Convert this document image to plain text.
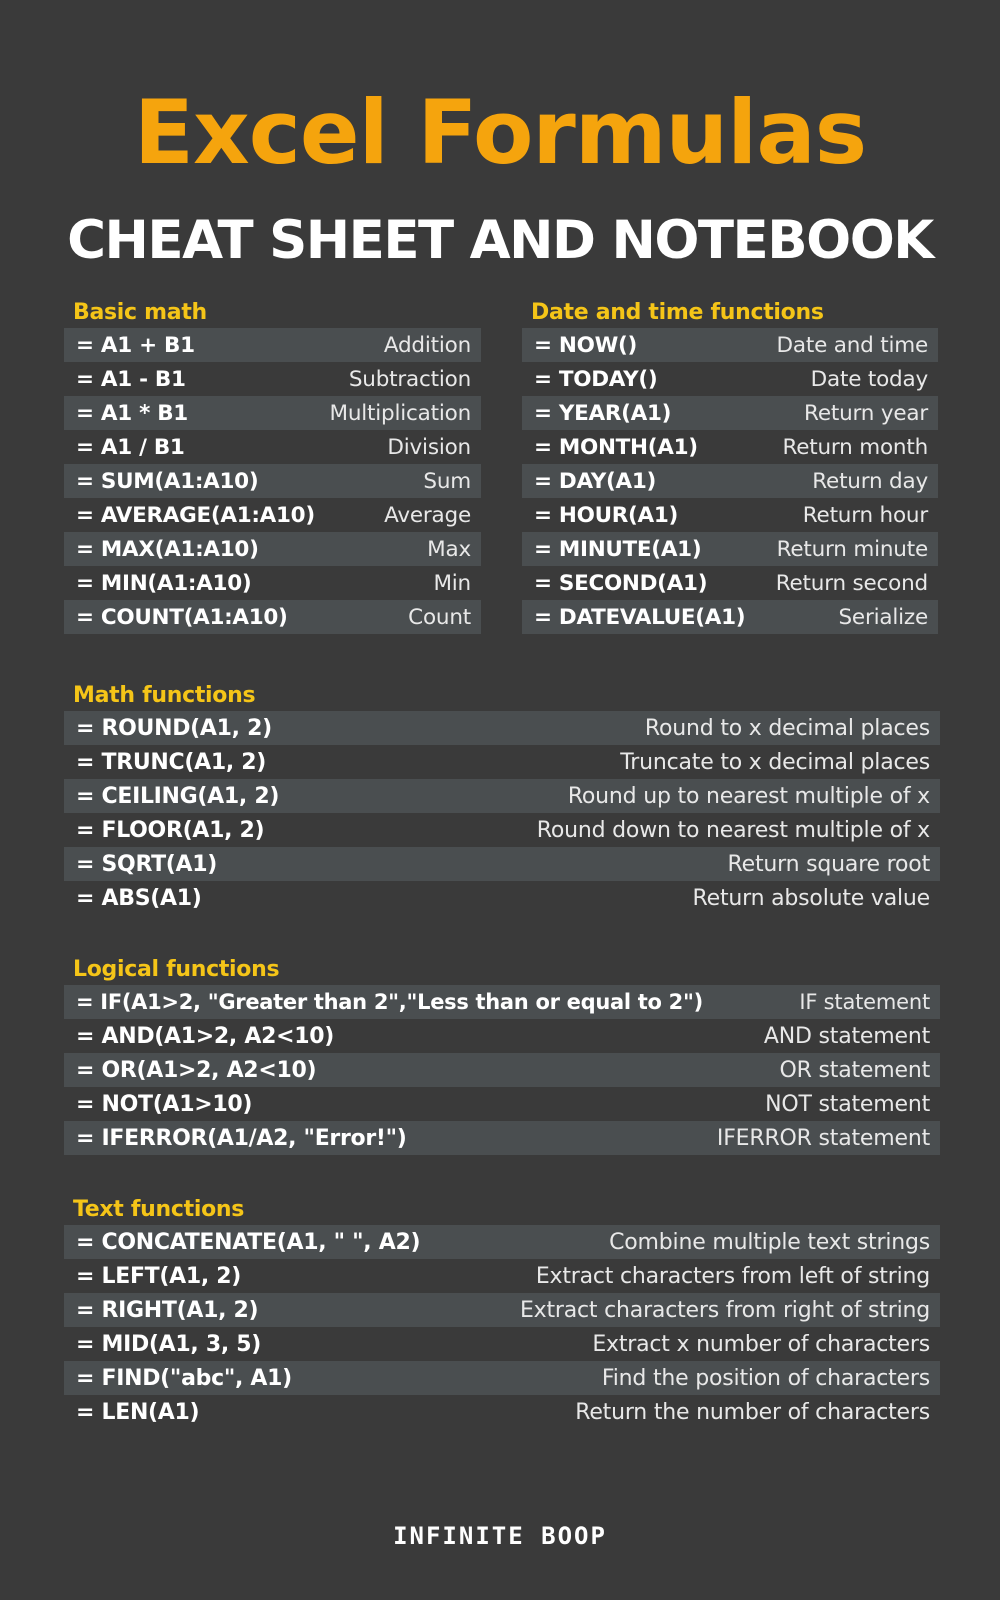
Excel Formulas
CHEAT SHEET AND NOTEBOOK
Basic math
= A1 + B1	Addition
= A1 - B1	Subtraction
= A1 * B1	Multiplication
= A1 / B1	Division
= SUM(A1:A10)	Sum
= AVERAGE(A1:A10)	Average
= MAX(A1:A10)	Max
= MIN(A1:A10)	Min
= COUNT(A1:A10)	Count
Date and time functions
= NOW()	Date and time
= TODAY()	Date today
= YEAR(A1)	Return year
= MONTH(A1)	Return month
= DAY(A1)	Return day
= HOUR(A1)	Return hour
= MINUTE(A1)	Return minute
= SECOND(A1)	Return second
= DATEVALUE(A1)	Serialize
Math functions
= ROUND(A1, 2)	Round to x decimal places
= TRUNC(A1, 2)	Truncate to x decimal places
= CEILING(A1, 2)	Round up to nearest multiple of x
= FLOOR(A1, 2)	Round down to nearest multiple of x
= SQRT(A1)	Return square root
= ABS(A1)	Return absolute value
Logical functions
= IF(A1>2, "Greater than 2","Less than or equal to 2")	IF statement
= AND(A1>2, A2<10)	AND statement
= OR(A1>2, A2<10)	OR statement
= NOT(A1>10)	NOT statement
= IFERROR(A1/A2, "Error!")	IFERROR statement
Text functions
= CONCATENATE(A1, " ", A2)	Combine multiple text strings
= LEFT(A1, 2)	Extract characters from left of string
= RIGHT(A1, 2)	Extract characters from right of string
= MID(A1, 3, 5)	Extract x number of characters
= FIND("abc", A1)	Find the position of characters
= LEN(A1)	Return the number of characters
INFINITE BOOP
